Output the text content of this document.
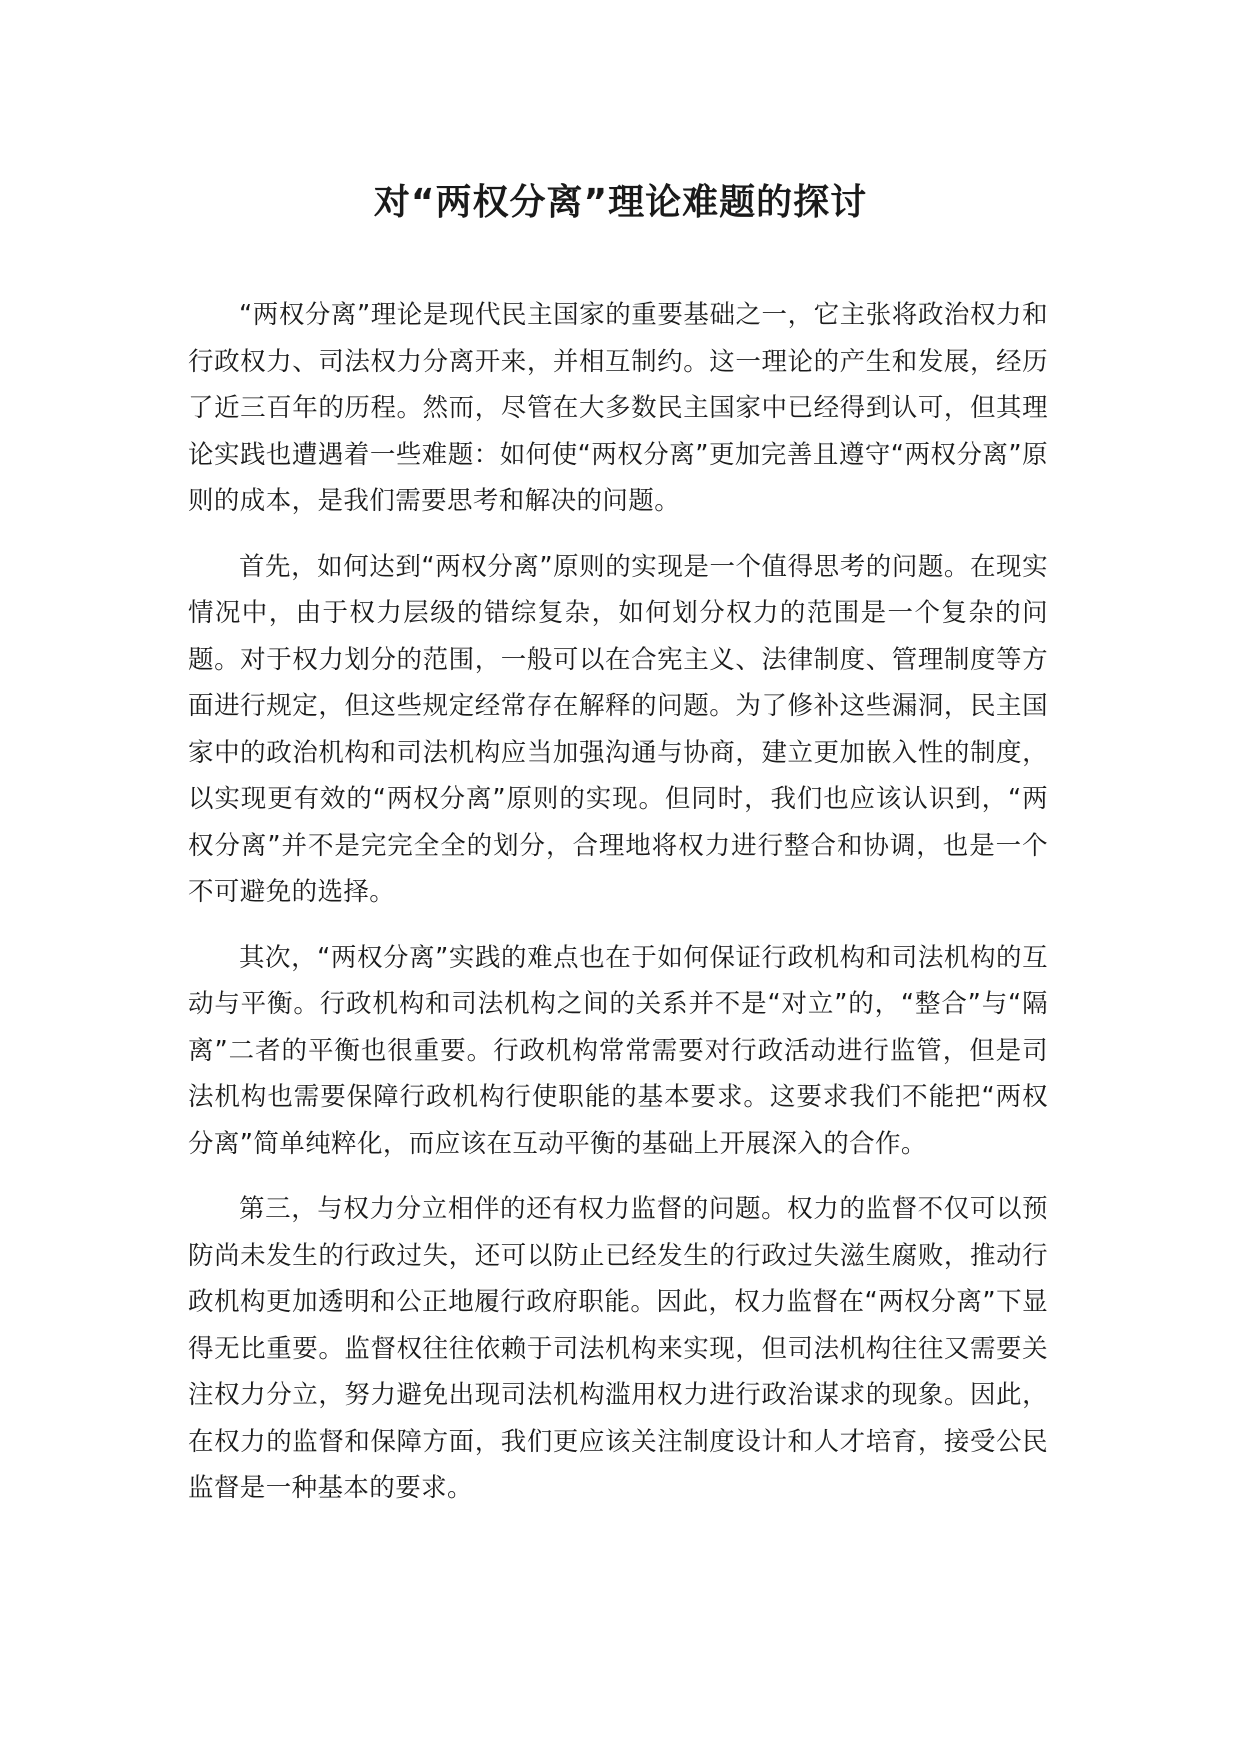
对“两权分离”理论难题的探讨

“两权分离”理论是现代民主国家的重要基础之一，它主张将政治权力和行政权力、司法权力分离开来，并相互制约。这一理论的产生和发展，经历了近三百年的历程。然而，尽管在大多数民主国家中已经得到认可，但其理论实践也遭遇着一些难题：如何使“两权分离”更加完善且遵守“两权分离”原则的成本，是我们需要思考和解决的问题。

首先，如何达到“两权分离”原则的实现是一个值得思考的问题。在现实情况中，由于权力层级的错综复杂，如何划分权力的范围是一个复杂的问题。对于权力划分的范围，一般可以在合宪主义、法律制度、管理制度等方面进行规定，但这些规定经常存在解释的问题。为了修补这些漏洞，民主国家中的政治机构和司法机构应当加强沟通与协商，建立更加嵌入性的制度，以实现更有效的“两权分离”原则的实现。但同时，我们也应该认识到，“两权分离”并不是完完全全的划分，合理地将权力进行整合和协调，也是一个不可避免的选择。

其次，“两权分离”实践的难点也在于如何保证行政机构和司法机构的互动与平衡。行政机构和司法机构之间的关系并不是“对立”的，“整合”与“隔离”二者的平衡也很重要。行政机构常常需要对行政活动进行监管，但是司法机构也需要保障行政机构行使职能的基本要求。这要求我们不能把“两权分离”简单纯粹化，而应该在互动平衡的基础上开展深入的合作。

第三，与权力分立相伴的还有权力监督的问题。权力的监督不仅可以预防尚未发生的行政过失，还可以防止已经发生的行政过失滋生腐败，推动行政机构更加透明和公正地履行政府职能。因此，权力监督在“两权分离”下显得无比重要。监督权往往依赖于司法机构来实现，但司法机构往往又需要关注权力分立，努力避免出现司法机构滥用权力进行政治谋求的现象。因此，在权力的监督和保障方面，我们更应该关注制度设计和人才培育，接受公民监督是一种基本的要求。
